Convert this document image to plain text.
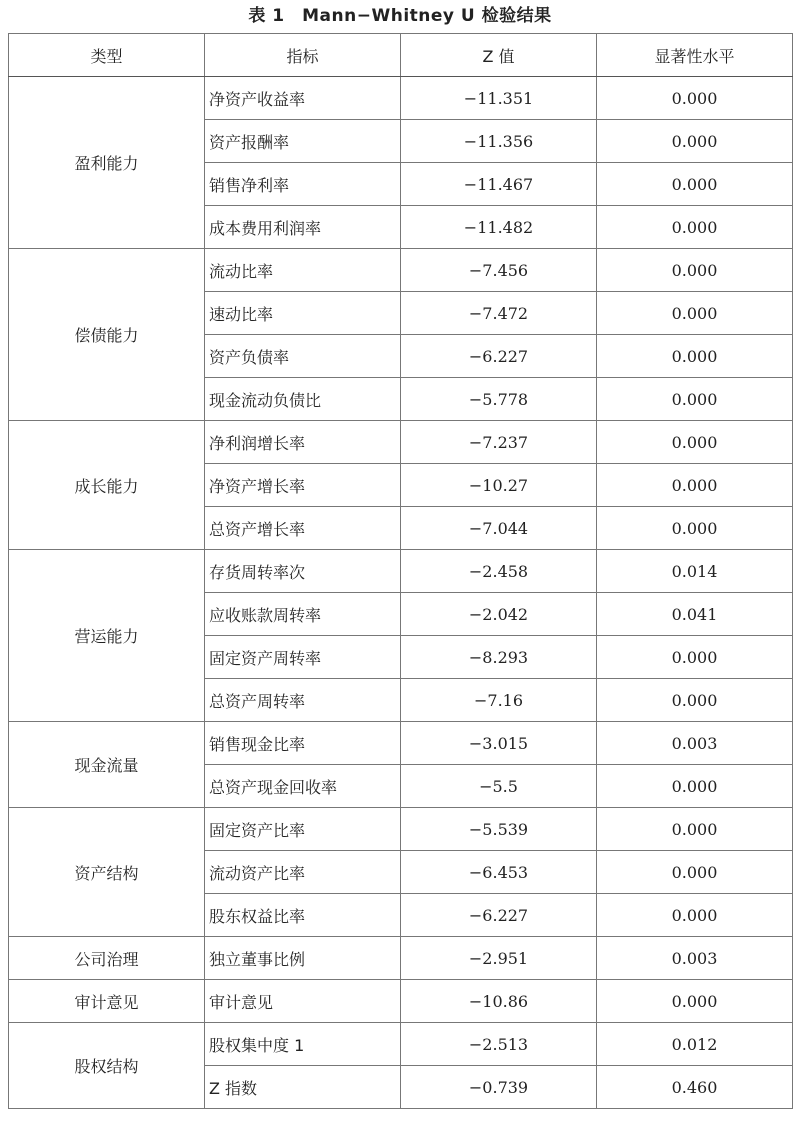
表 1　Mann−Whitney U 检验结果
类型	指标	Z 值	显著性水平
盈利能力	净资产收益率	−11.351	0.000
	资产报酬率	−11.356	0.000
	销售净利率	−11.467	0.000
	成本费用利润率	−11.482	0.000
偿债能力	流动比率	−7.456	0.000
	速动比率	−7.472	0.000
	资产负债率	−6.227	0.000
	现金流动负债比	−5.778	0.000
成长能力	净利润增长率	−7.237	0.000
	净资产增长率	−10.27	0.000
	总资产增长率	−7.044	0.000
营运能力	存货周转率次	−2.458	0.014
	应收账款周转率	−2.042	0.041
	固定资产周转率	−8.293	0.000
	总资产周转率	−7.16	0.000
现金流量	销售现金比率	−3.015	0.003
	总资产现金回收率	−5.5	0.000
资产结构	固定资产比率	−5.539	0.000
	流动资产比率	−6.453	0.000
	股东权益比率	−6.227	0.000
公司治理	独立董事比例	−2.951	0.003
审计意见	审计意见	−10.86	0.000
股权结构	股权集中度 1	−2.513	0.012
	Z 指数	−0.739	0.460
